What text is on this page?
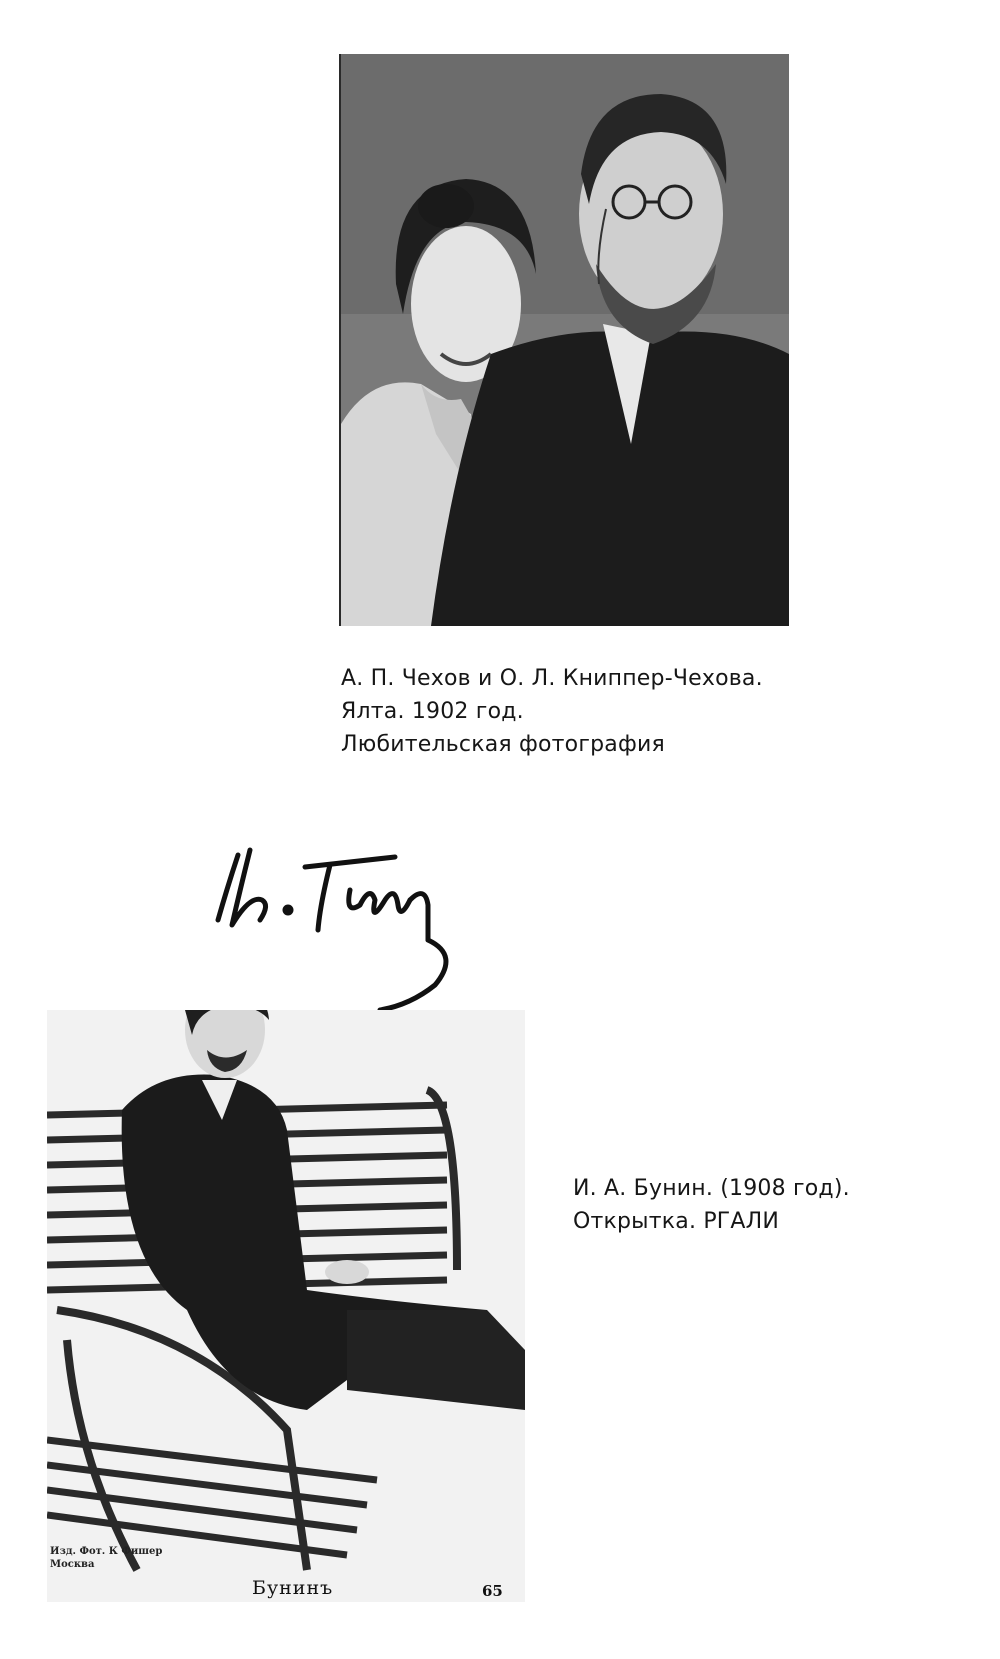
А. П. Чехов и О. Л. Книппер-Чехова.
Ялта. 1902 год.
Любительская фотография
Изд. Фот. К Фишер
Москва
Бунинъ	65
И. А. Бунин. (1908 год).
Открытка. РГАЛИ
